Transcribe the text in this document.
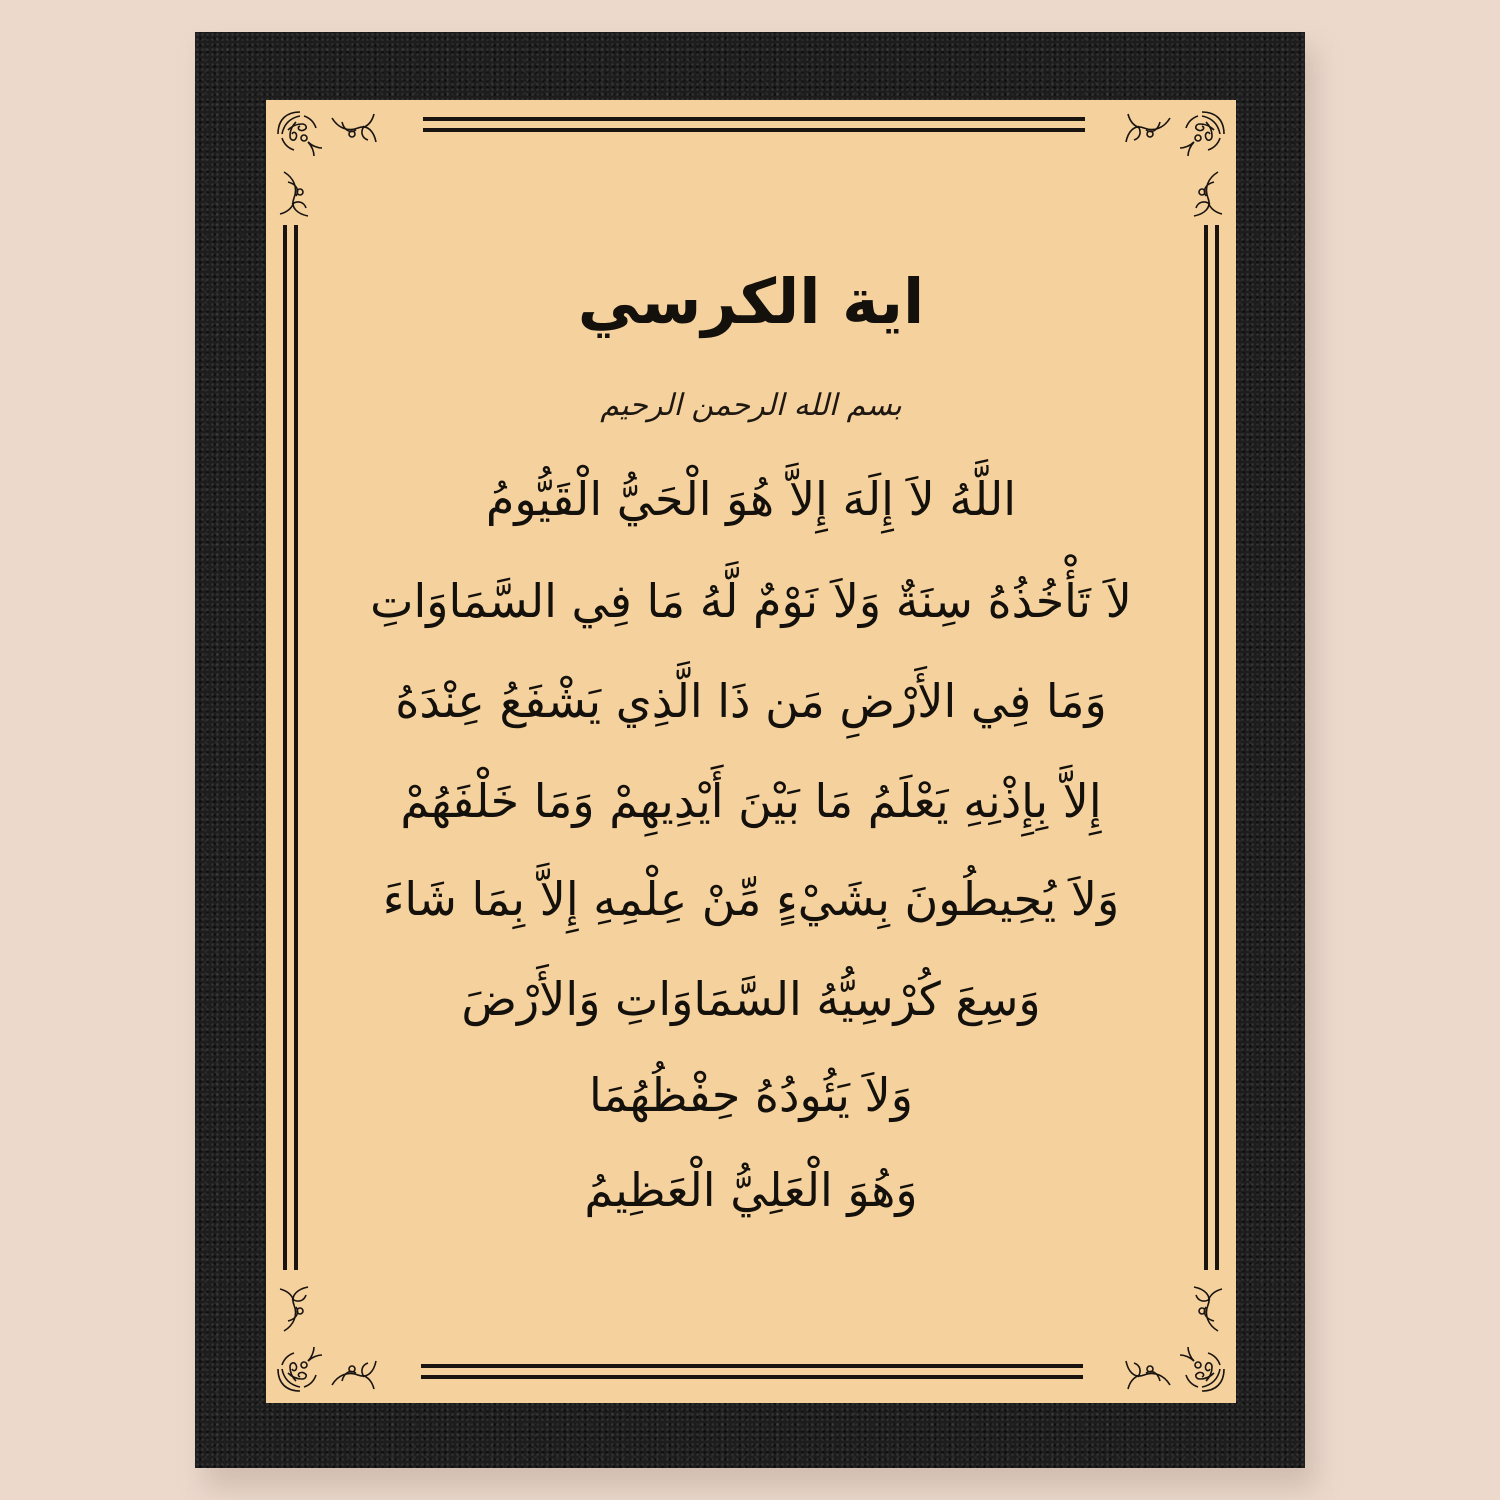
اية الكرسي
بسم الله الرحمن الرحيم
اللَّهُ لاَ إِلَهَ إِلاَّ هُوَ الْحَيُّ الْقَيُّومُ
لاَ تَأْخُذُهُ سِنَةٌ وَلاَ نَوْمٌ لَّهُ مَا فِي السَّمَاوَاتِ
وَمَا فِي الأَرْضِ مَن ذَا الَّذِي يَشْفَعُ عِنْدَهُ
إِلاَّ بِإِذْنِهِ يَعْلَمُ مَا بَيْنَ أَيْدِيهِمْ وَمَا خَلْفَهُمْ
وَلاَ يُحِيطُونَ بِشَيْءٍ مِّنْ عِلْمِهِ إِلاَّ بِمَا شَاءَ
وَسِعَ كُرْسِيُّهُ السَّمَاوَاتِ وَالأَرْضَ
وَلاَ يَئُودُهُ حِفْظُهُمَا
وَهُوَ الْعَلِيُّ الْعَظِيمُ
